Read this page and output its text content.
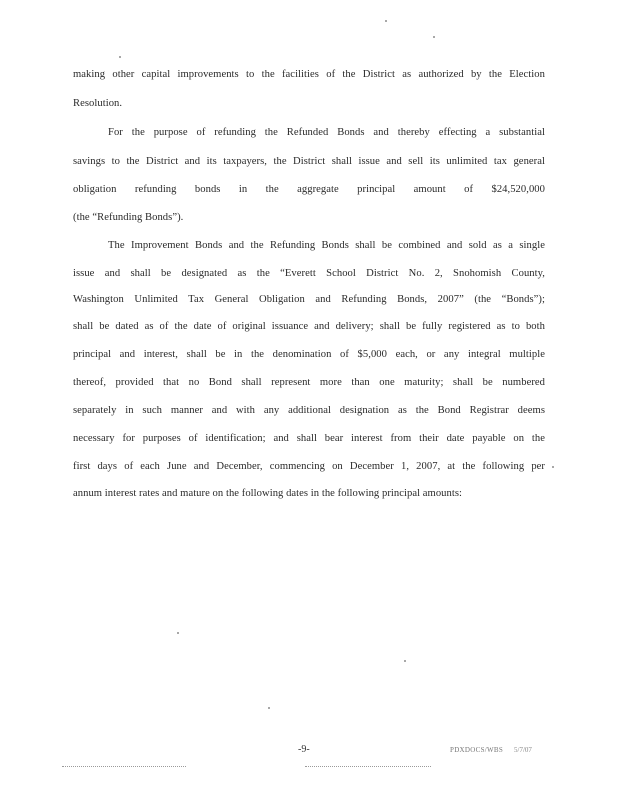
making other capital improvements to the facilities of the District as authorized by the Election
Resolution.
For the purpose of refunding the Refunded Bonds and thereby effecting a substantial
savings to the District and its taxpayers, the District shall issue and sell its unlimited tax general
obligation refunding bonds in the aggregate principal amount of $24,520,000
(the “Refunding Bonds”).
The Improvement Bonds and the Refunding Bonds shall be combined and sold as a single
issue and shall be designated as the “Everett School District No. 2, Snohomish County,
Washington Unlimited Tax General Obligation and Refunding Bonds, 2007” (the “Bonds”);
shall be dated as of the date of original issuance and delivery; shall be fully registered as to both
principal and interest, shall be in the denomination of $5,000 each, or any integral multiple
thereof, provided that no Bond shall represent more than one maturity; shall be numbered
separately in such manner and with any additional designation as the Bond Registrar deems
necessary for purposes of identification; and shall bear interest from their date payable on the
first days of each June and December, commencing on December 1, 2007, at the following per
annum interest rates and mature on the following dates in the following principal amounts:
-9-	PDXDOCS/WBS 5/7/07
